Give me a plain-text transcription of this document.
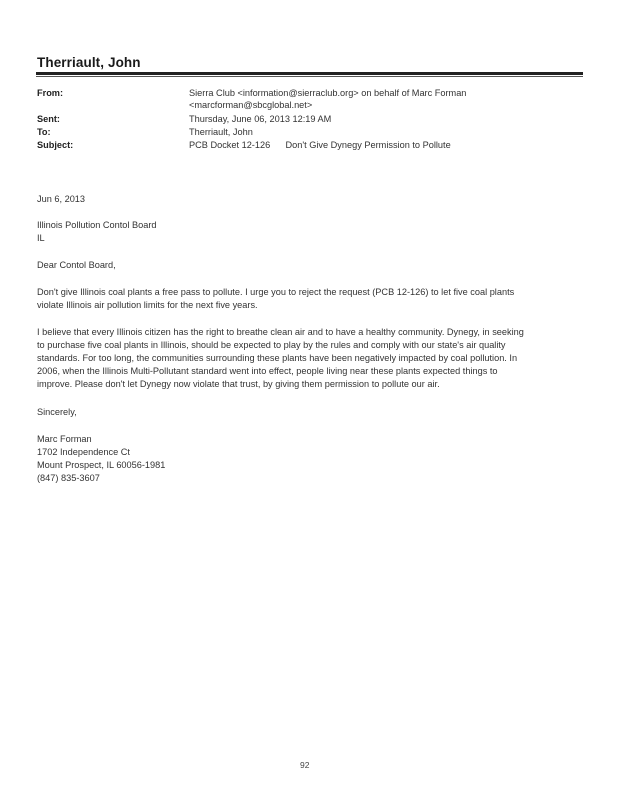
Therriault, John
From:	Sierra Club <information@sierraclub.org> on behalf of Marc Forman
<marcforman@sbcglobal.net>
Sent:	Thursday, June 06, 2013 12:19 AM
To:	Therriault, John
Subject:	PCB Docket 12-126      Don't Give Dynegy Permission to Pollute
Jun 6, 2013
Illinois Pollution Contol Board
IL
Dear Contol Board,
Don't give Illinois coal plants a free pass to pollute. I urge you to reject the request (PCB 12-126) to let five coal plants
violate Illinois air pollution limits for the next five years.
I believe that every Illinois citizen has the right to breathe clean air and to have a healthy community. Dynegy, in seeking
to purchase five coal plants in Illinois, should be expected to play by the rules and comply with our state's air quality
standards. For too long, the communities surrounding these plants have been negatively impacted by coal pollution. In
2006, when the Illinois Multi-Pollutant standard went into effect, people living near these plants expected things to
improve. Please don't let Dynegy now violate that trust, by giving them permission to pollute our air.
Sincerely,
Marc Forman
1702 Independence Ct
Mount Prospect, IL 60056-1981
(847) 835-3607
92
